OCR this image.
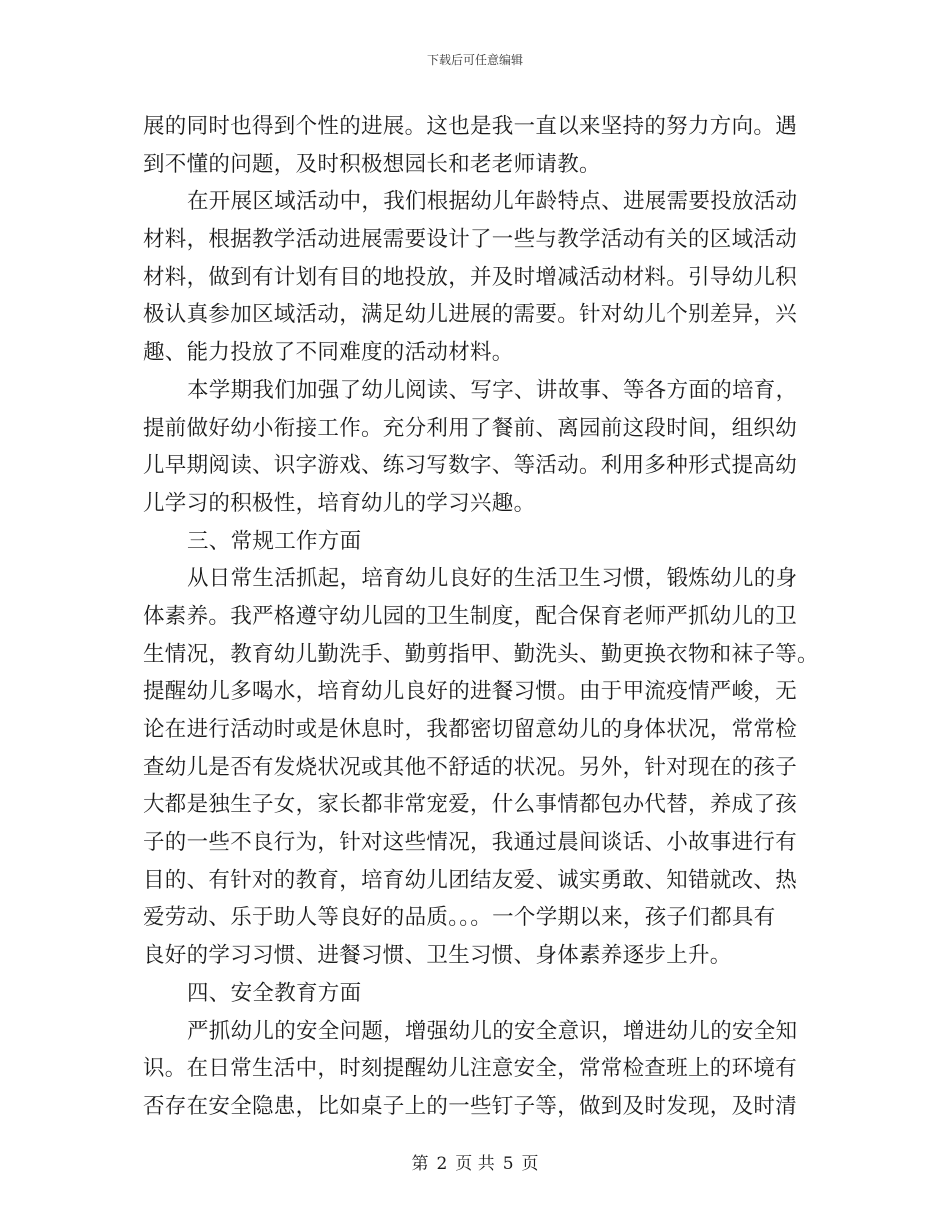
下载后可任意编辑
展的同时也得到个性的进展。这也是我一直以来坚持的努力方向。遇
到不懂的问题，及时积极想园长和老老师请教。
在开展区域活动中，我们根据幼儿年龄特点、进展需要投放活动
材料，根据教学活动进展需要设计了一些与教学活动有关的区域活动
材料，做到有计划有目的地投放，并及时增减活动材料。引导幼儿积
极认真参加区域活动，满足幼儿进展的需要。针对幼儿个别差异，兴
趣、能力投放了不同难度的活动材料。
本学期我们加强了幼儿阅读、写字、讲故事、等各方面的培育，
提前做好幼小衔接工作。充分利用了餐前、离园前这段时间，组织幼
儿早期阅读、识字游戏、练习写数字、等活动。利用多种形式提高幼
儿学习的积极性，培育幼儿的学习兴趣。
三、常规工作方面
从日常生活抓起，培育幼儿良好的生活卫生习惯，锻炼幼儿的身
体素养。我严格遵守幼儿园的卫生制度，配合保育老师严抓幼儿的卫
生情况，教育幼儿勤洗手、勤剪指甲、勤洗头、勤更换衣物和袜子等。
提醒幼儿多喝水，培育幼儿良好的进餐习惯。由于甲流疫情严峻，无
论在进行活动时或是休息时，我都密切留意幼儿的身体状况，常常检
查幼儿是否有发烧状况或其他不舒适的状况。另外，针对现在的孩子
大都是独生子女，家长都非常宠爱，什么事情都包办代替，养成了孩
子的一些不良行为，针对这些情况，我通过晨间谈话、小故事进行有
目的、有针对的教育，培育幼儿团结友爱、诚实勇敢、知错就改、热
爱劳动、乐于助人等良好的品质。。。一个学期以来，孩子们都具有
良好的学习习惯、进餐习惯、卫生习惯、身体素养逐步上升。
四、安全教育方面
严抓幼儿的安全问题，增强幼儿的安全意识，增进幼儿的安全知
识。在日常生活中，时刻提醒幼儿注意安全，常常检查班上的环境有
否存在安全隐患，比如桌子上的一些钉子等，做到及时发现，及时清
第 2 页 共 5 页
